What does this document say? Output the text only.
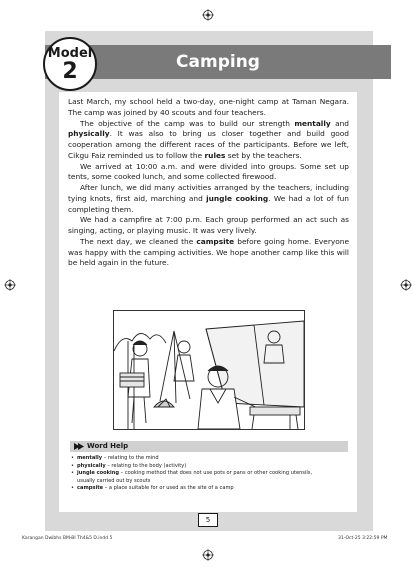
Camping
Model
2

Last March, my school held a two-day, one-night camp at Taman Negara. The camp was joined by 40 scouts and four teachers.

The objective of the camp was to build our strength mentally and physically. It was also to bring us closer together and build good cooperation among the different races of the participants. Before we left, Cikgu Faiz reminded us to follow the rules set by the teachers.

We arrived at 10:00 a.m. and were divided into groups. Some set up tents, some cooked lunch, and some collected firewood.

After lunch, we did many activities arranged by the teachers, including tying knots, first aid, marching and jungle cooking. We had a lot of fun completing them.

We had a campfire at 7:00 p.m. Each group performed an act such as singing, acting, or playing music. It was very lively.

The next day, we cleaned the campsite before going home. Everyone was happy with the camping activities. We hope another camp like this will be held again in the future.

Word Help
• mentally – relating to the mind
• physically – relating to the body (activity)
• jungle cooking – cooking method that does not use pots or pans or other cooking utensils,
usually carried out by scouts
• campsite – a place suitable for or used as the site of a camp
5
Karangan Dwibhs BM-BI Th4&5 D.indd 5	31-Oct-25 3:22:59 PM
